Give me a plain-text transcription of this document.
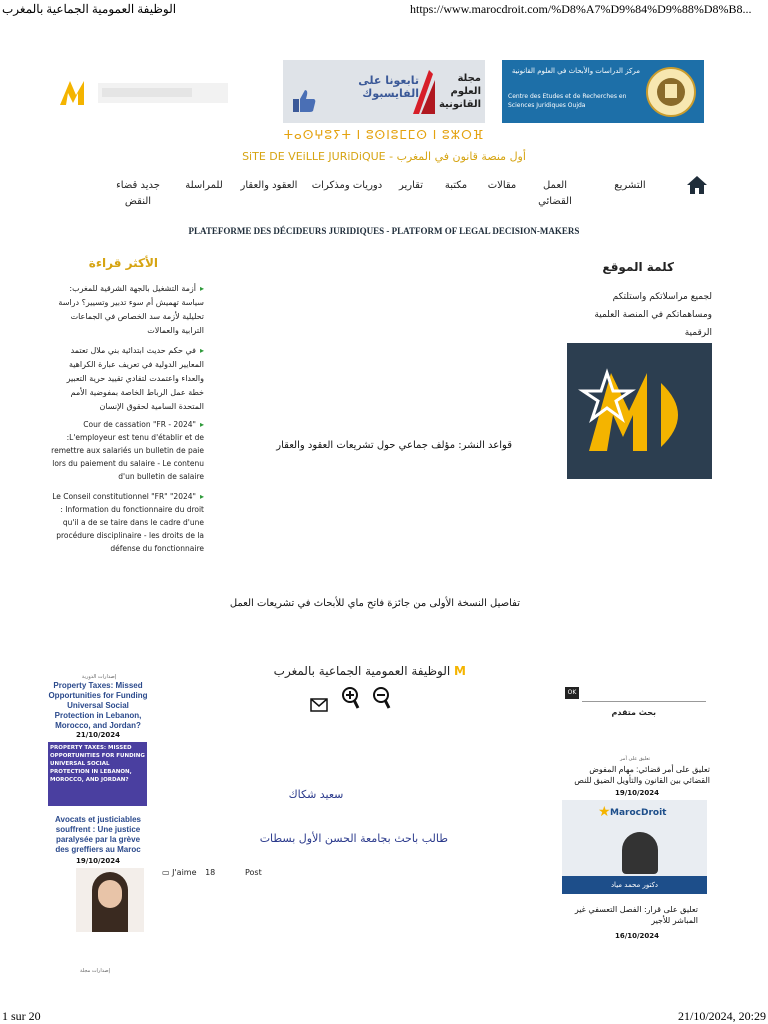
الوظيفة العمومية الجماعية بالمغرب	https://www.marocdroit.com/%D8%A7%D9%84%D9%88%D8%B8...
تابعونا على الفايسبوك
مجلة العلوم القانونية
مركز الدراسات والأبحاث في العلوم القانونية
Centre des Etudes et de Recherches en Sciences Juridiques Oujda
ⵜⴰⵙⵖⵓⵢⵜ ⵏ ⵓⵙⵏⵓⵎⵎⵙ ⵏ ⵓⵣⵔⴼ
أول منصة قانون في المغرب - SiTE DE VEiLLE JURiDiQUE
التشريع
العمل القضائي
مقالات
مكتبة
تقارير
دوريات ومذكرات
العقود والعقار
للمراسلة
جديد قضاء النقض
PLATEFORME DES DÉCIDEURS JURIDIQUES - PLATFORM OF LEGAL DECISION-MAKERS
كلمة الموقع
لجميع مراسلاتكم واستلتكم ومساهماتكم في المنصة العلمية الرقمية
الأكثر قراءة
▸أزمة التشغيل بالجهة الشرقية للمغرب: سياسة تهميش أم سوء تدبير وتسيير؟ دراسة تحليلية لأزمة سد الخصاص في الجماعات الترابية والعمالات
▸في حكم حديث ابتدائية بني ملال تعتمد المعايير الدولية في تعريف عبارة الكراهية والعداء واعتمدت لتفادي تقييد حرية التعبير خطة عمل الرباط الخاصة بمفوضية الأمم المتحدة السامية لحقوق الإنسان
▸Cour de cassation "FR - 2024" :L'employeur est tenu d'établir et de remettre aux salariés un bulletin de paie lors du paiement du salaire - Le contenu d'un bulletin de salaire
▸Le Conseil constitutionnel "FR" "2024" : Information du fonctionnaire du droit qu'il a de se taire dans le cadre d'une procédure disciplinaire - les droits de la défense du fonctionnaire
قواعد النشر: مؤلف جماعي حول تشريعات العقود والعقار
تفاصيل النسخة الأولى من جائزة فاتح ماي للأبحاث في تشريعات العمل
M الوظيفة العمومية الجماعية بالمغرب
سعيد شكاك
طالب باحث بجامعة الحسن الأول بسطات
▭ J'aime 18	Post
OK
بحث متقدم
تعليق على أمر
تعليق على أمر قضائي: مهام المفوض القضائي بين القانون والتأويل الضيق للنص
19/10/2024
MarocDroit
★
دكتور محمد مياد
تعليق على قرار: الفصل التعسفي غير المباشر للأجير
16/10/2024
إصدارات الدورية
Property Taxes: Missed Opportunities for Funding Universal Social Protection in Lebanon, Morocco, and Jordan?
21/10/2024
PROPERTY TAXES: MISSED OPPORTUNITIES FOR FUNDING UNIVERSAL SOCIAL PROTECTION IN LEBANON, MOROCCO, AND JORDAN?
Avocats et justiciables souffrent : Une justice paralysée par la grève des greffiers au Maroc
19/10/2024
إصدارات مجلة
1 sur 20	21/10/2024, 20:29
